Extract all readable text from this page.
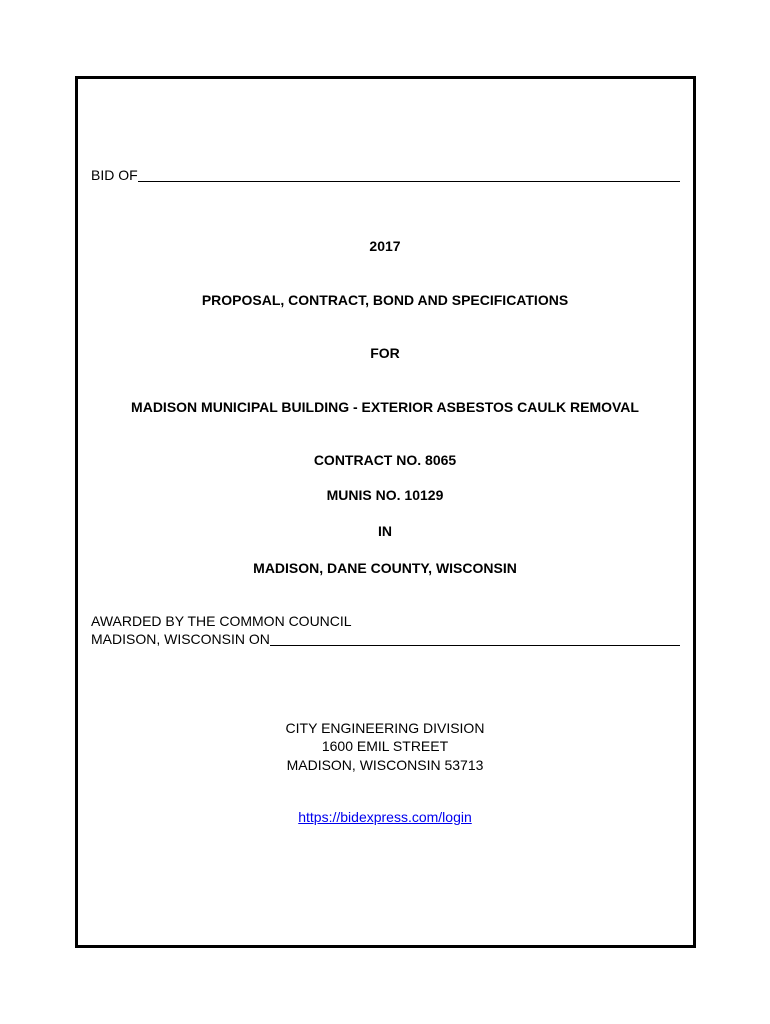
BID OF
2017
PROPOSAL, CONTRACT, BOND AND SPECIFICATIONS
FOR
MADISON MUNICIPAL BUILDING - EXTERIOR ASBESTOS CAULK REMOVAL
CONTRACT NO. 8065
MUNIS NO. 10129
IN
MADISON, DANE COUNTY, WISCONSIN
AWARDED BY THE COMMON COUNCIL
MADISON, WISCONSIN ON
CITY ENGINEERING DIVISION
1600 EMIL STREET
MADISON, WISCONSIN 53713
https://bidexpress.com/login
